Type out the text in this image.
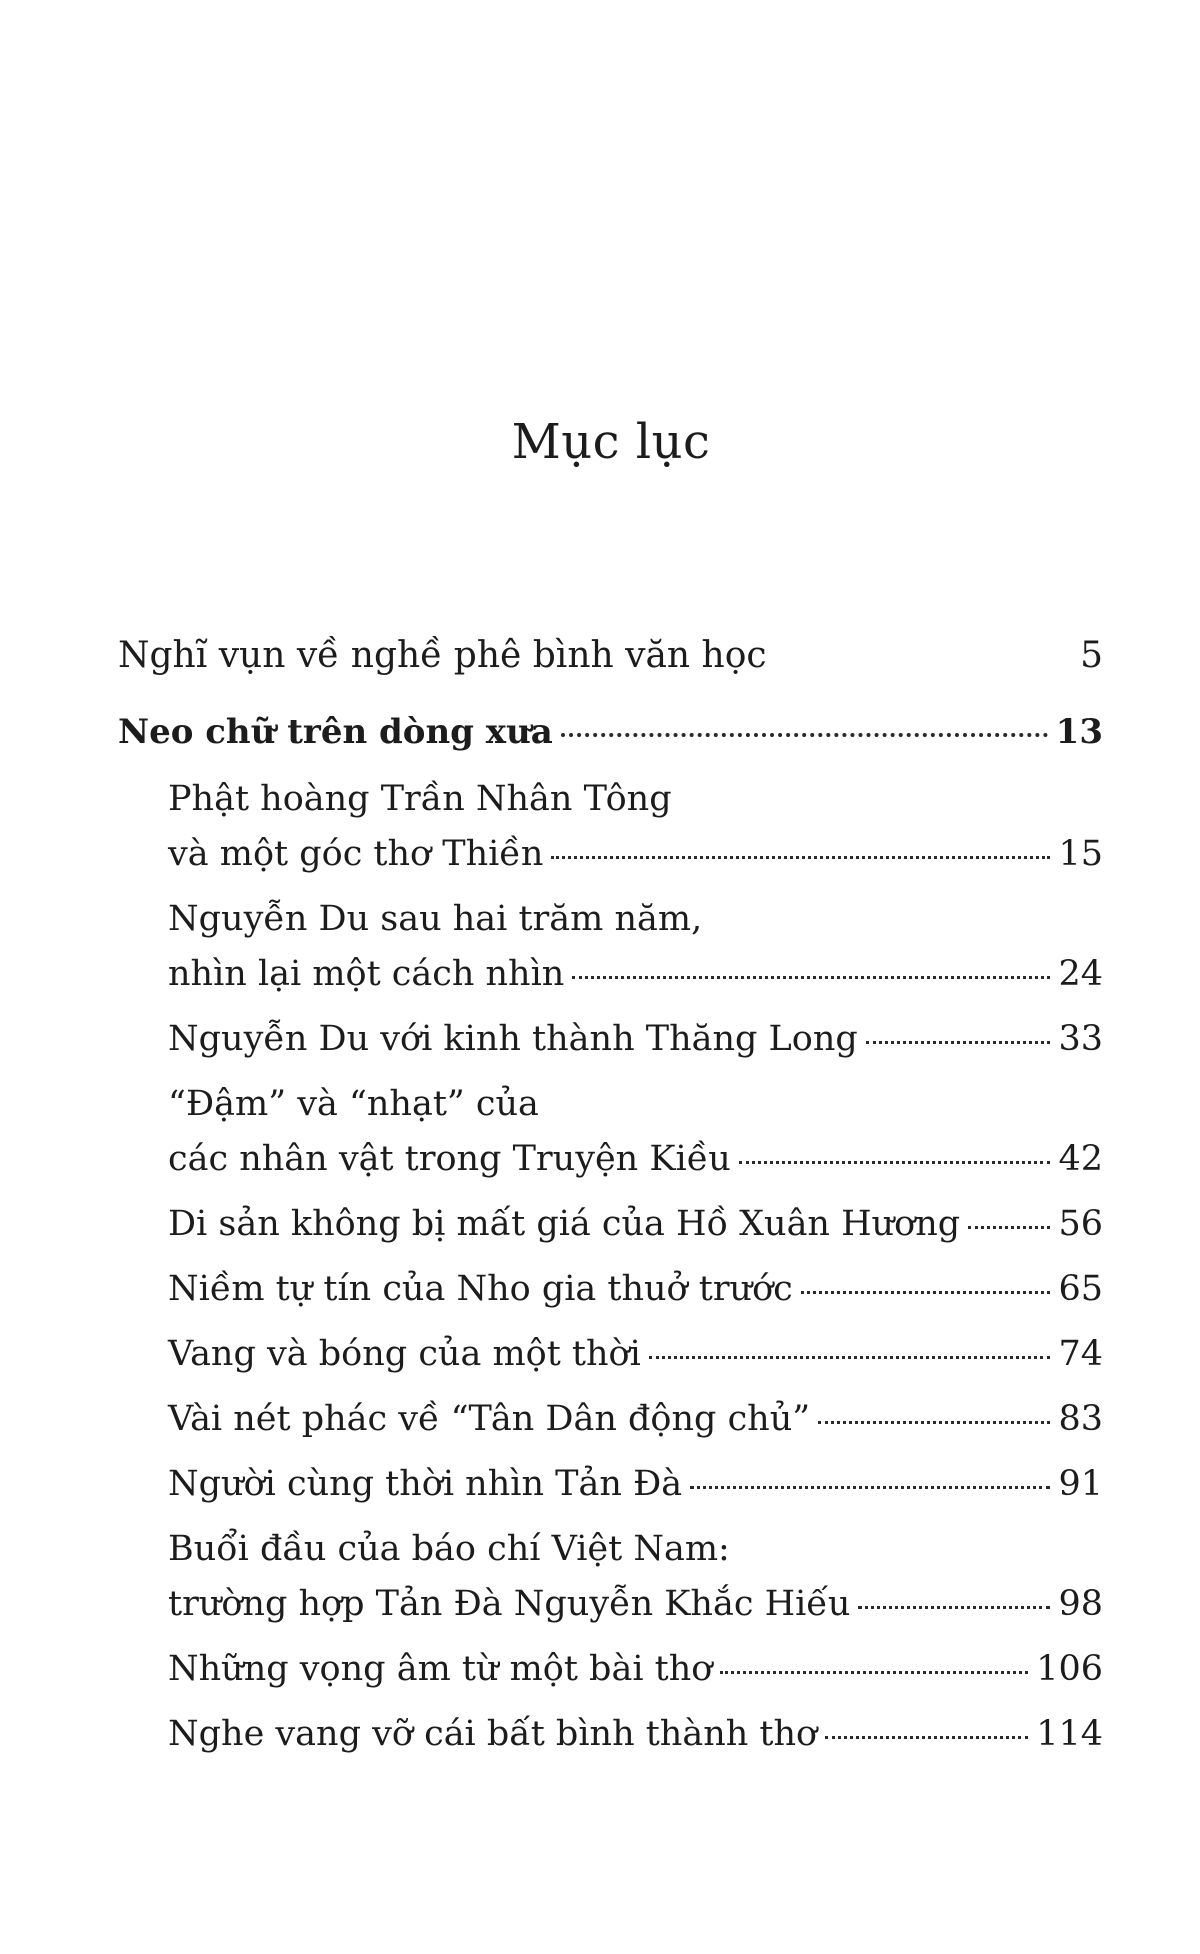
Mục lục
Nghĩ vụn về nghề phê bình văn học	5
Neo chữ trên dòng xưa	13
Phật hoàng Trần Nhân Tông
và một góc thơ Thiền	15
Nguyễn Du sau hai trăm năm,
nhìn lại một cách nhìn	24
Nguyễn Du với kinh thành Thăng Long	33
“Đậm” và “nhạt” của
các nhân vật trong Truyện Kiều	42
Di sản không bị mất giá của Hồ Xuân Hương	56
Niềm tự tín của Nho gia thuở trước	65
Vang và bóng của một thời	74
Vài nét phác về “Tân Dân động chủ”	83
Người cùng thời nhìn Tản Đà	91
Buổi đầu của báo chí Việt Nam:
trường hợp Tản Đà Nguyễn Khắc Hiếu	98
Những vọng âm từ một bài thơ	106
Nghe vang vỡ cái bất bình thành thơ	114
